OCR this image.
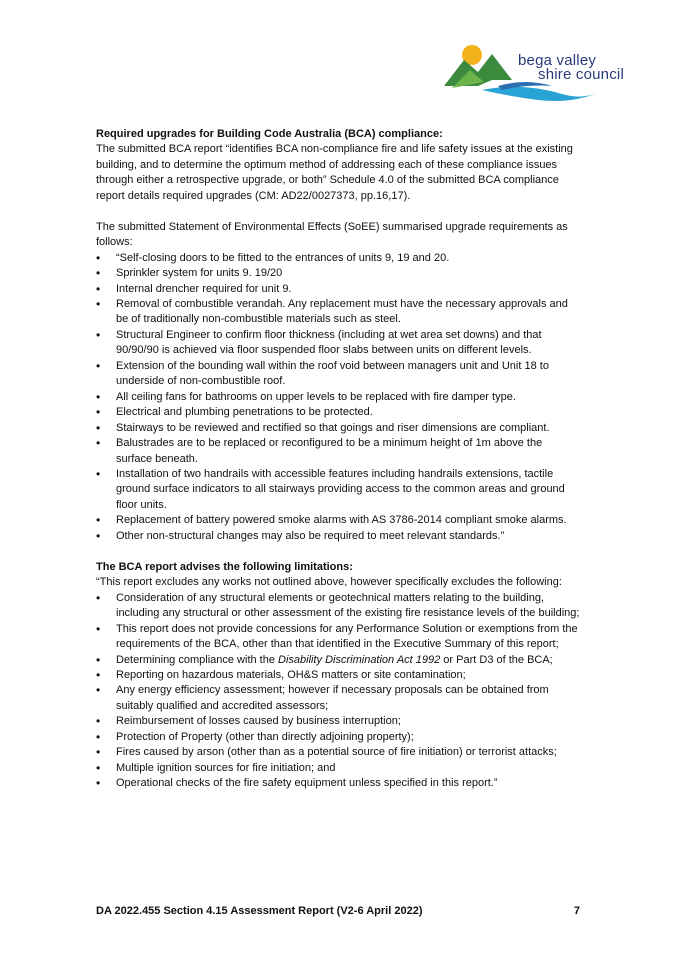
bega valley
shire council

Required upgrades for Building Code Australia (BCA) compliance:

The submitted BCA report “identifies BCA non-compliance fire and life safety issues at the existing building, and to determine the optimum method of addressing each of these compliance issues through either a retrospective upgrade, or both” Schedule 4.0 of the submitted BCA compliance report details required upgrades (CM: AD22/0027373, pp.16,17).

The submitted Statement of Environmental Effects (SoEE) summarised upgrade requirements as follows:

• “Self-closing doors to be fitted to the entrances of units 9, 19 and 20.
• Sprinkler system for units 9. 19/20
• Internal drencher required for unit 9.
• Removal of combustible verandah. Any replacement must have the necessary approvals and be of traditionally non-combustible materials such as steel.
• Structural Engineer to confirm floor thickness (including at wet area set downs) and that 90/90/90 is achieved via floor suspended floor slabs between units on different levels.
• Extension of the bounding wall within the roof void between managers unit and Unit 18 to underside of non-combustible roof.
• All ceiling fans for bathrooms on upper levels to be replaced with fire damper type.
• Electrical and plumbing penetrations to be protected.
• Stairways to be reviewed and rectified so that goings and riser dimensions are compliant.
• Balustrades are to be replaced or reconfigured to be a minimum height of 1m above the surface beneath.
• Installation of two handrails with accessible features including handrails extensions, tactile ground surface indicators to all stairways providing access to the common areas and ground floor units.
• Replacement of battery powered smoke alarms with AS 3786-2014 compliant smoke alarms.
• Other non-structural changes may also be required to meet relevant standards.”

The BCA report advises the following limitations:

“This report excludes any works not outlined above, however specifically excludes the following:

• Consideration of any structural elements or geotechnical matters relating to the building, including any structural or other assessment of the existing fire resistance levels of the building;
• This report does not provide concessions for any Performance Solution or exemptions from the requirements of the BCA, other than that identified in the Executive Summary of this report;
• Determining compliance with the Disability Discrimination Act 1992 or Part D3 of the BCA;
• Reporting on hazardous materials, OH&S matters or site contamination;
• Any energy efficiency assessment; however if necessary proposals can be obtained from suitably qualified and accredited assessors;
• Reimbursement of losses caused by business interruption;
• Protection of Property (other than directly adjoining property);
• Fires caused by arson (other than as a potential source of fire initiation) or terrorist attacks;
• Multiple ignition sources for fire initiation; and
• Operational checks of the fire safety equipment unless specified in this report.”
DA 2022.455 Section 4.15 Assessment Report (V2-6 April 2022)	7
